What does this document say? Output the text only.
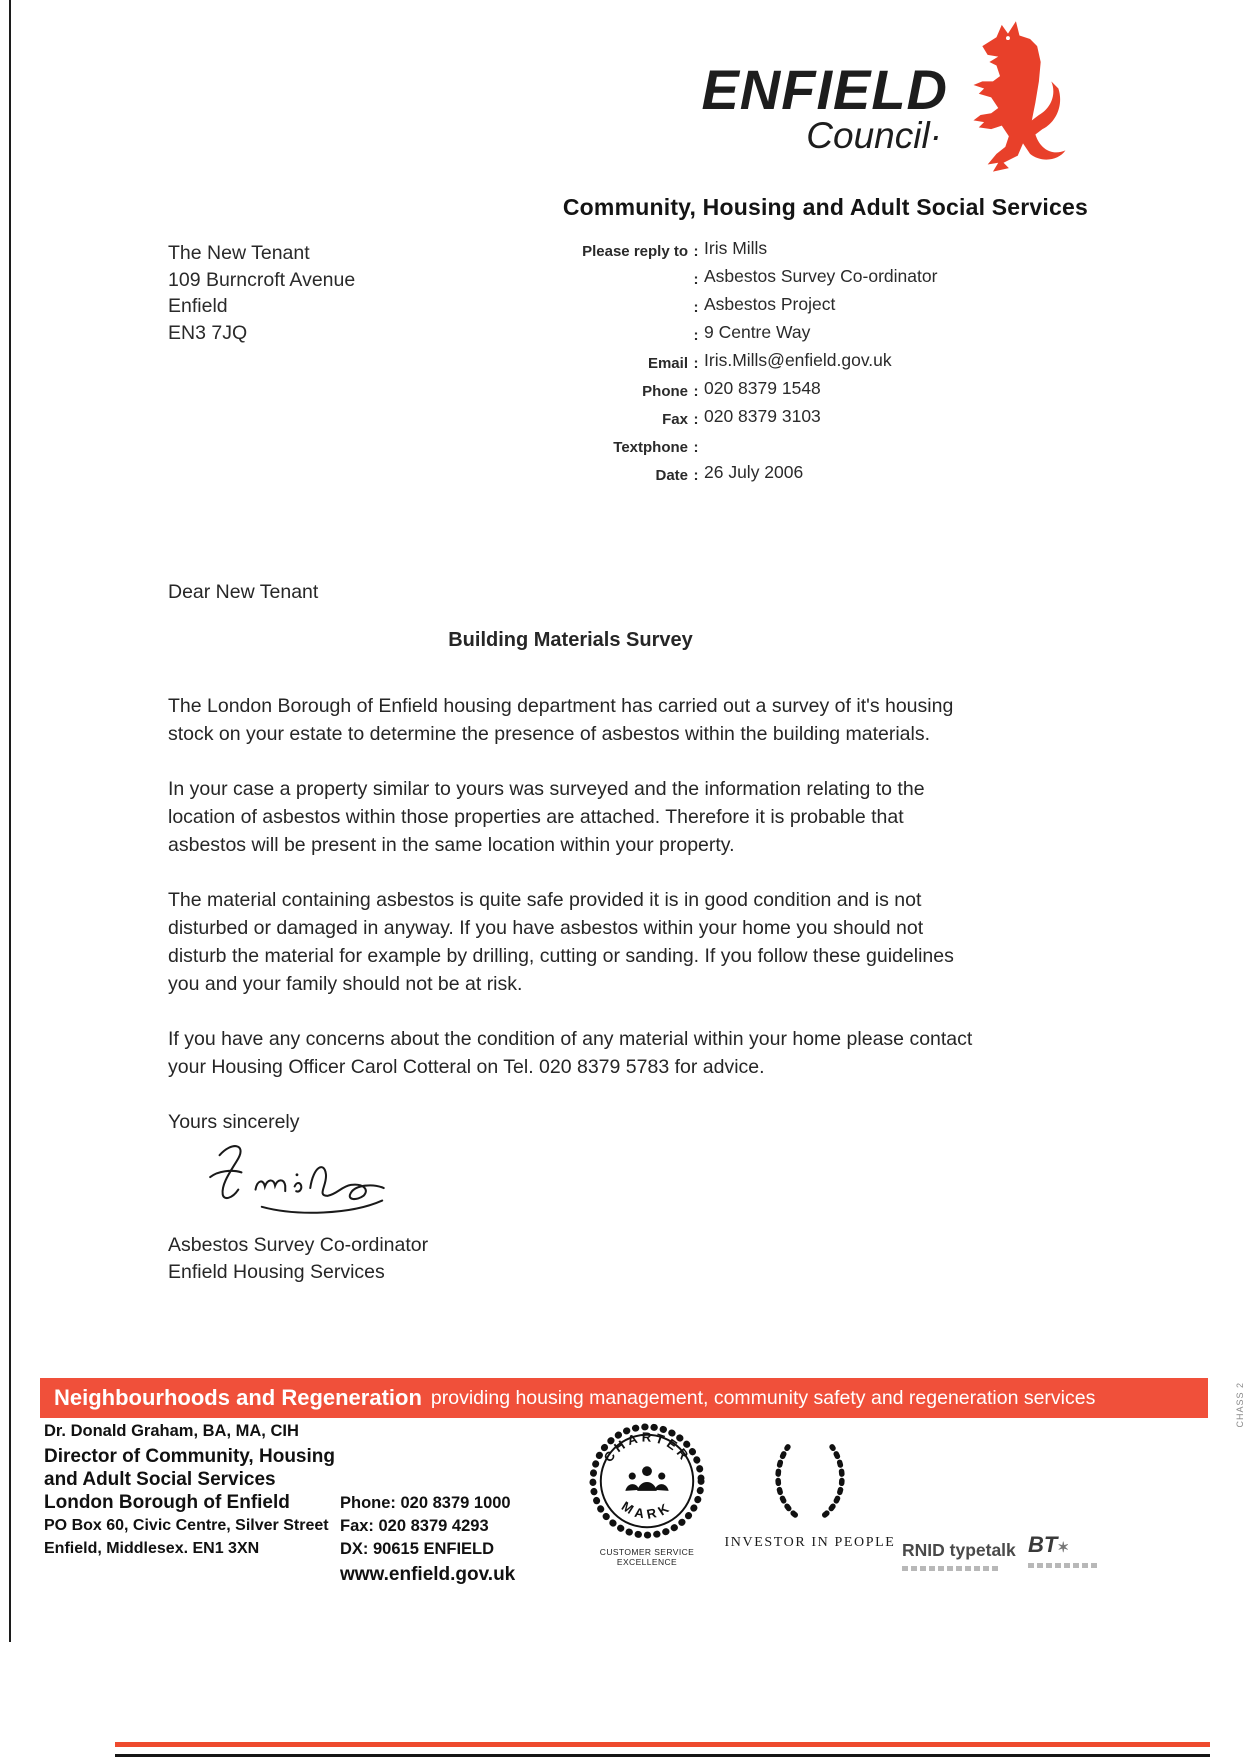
ENFIELD
Council·
Community, Housing and Adult Social Services
The New Tenant
109 Burncroft Avenue
Enfield
EN3 7JQ
Please reply to : Iris Mills
: Asbestos Survey Co-ordinator
: Asbestos Project
: 9 Centre Way
Email : Iris.Mills@enfield.gov.uk
Phone : 020 8379 1548
Fax : 020 8379 3103
Textphone :
Date : 26 July 2006
Dear New Tenant
Building Materials Survey

The London Borough of Enfield housing department has carried out a survey of it's housing stock on your estate to determine the presence of asbestos within the building materials.

In your case a property similar to yours was surveyed and the information relating to the location of asbestos within those properties are attached. Therefore it is probable that asbestos will be present in the same location within your property.

The material containing asbestos is quite safe provided it is in good condition and is not disturbed or damaged in anyway. If you have asbestos within your home you should not disturb the material for example by drilling, cutting or sanding. If you follow these guidelines you and your family should not be at risk.

If you have any concerns about the condition of any material within your home please contact your Housing Officer Carol Cotteral on Tel. 020 8379 5783 for advice.

Yours sincerely
Asbestos Survey Co-ordinator
Enfield Housing Services
Neighbourhoods and Regeneration providing housing management, community safety and regeneration services	CHASS 2
Dr. Donald Graham, BA, MA, CIH
Director of Community, Housing
and Adult Social Services
London Borough of Enfield
PO Box 60, Civic Centre, Silver Street
Enfield, Middlesex. EN1 3XN
Phone: 020 8379 1000
Fax: 020 8379 4293
DX: 90615 ENFIELD
www.enfield.gov.uk
CHARTER
MARK
CUSTOMER SERVICE EXCELLENCE
INVESTOR IN PEOPLE RNID typetalk BT✶
